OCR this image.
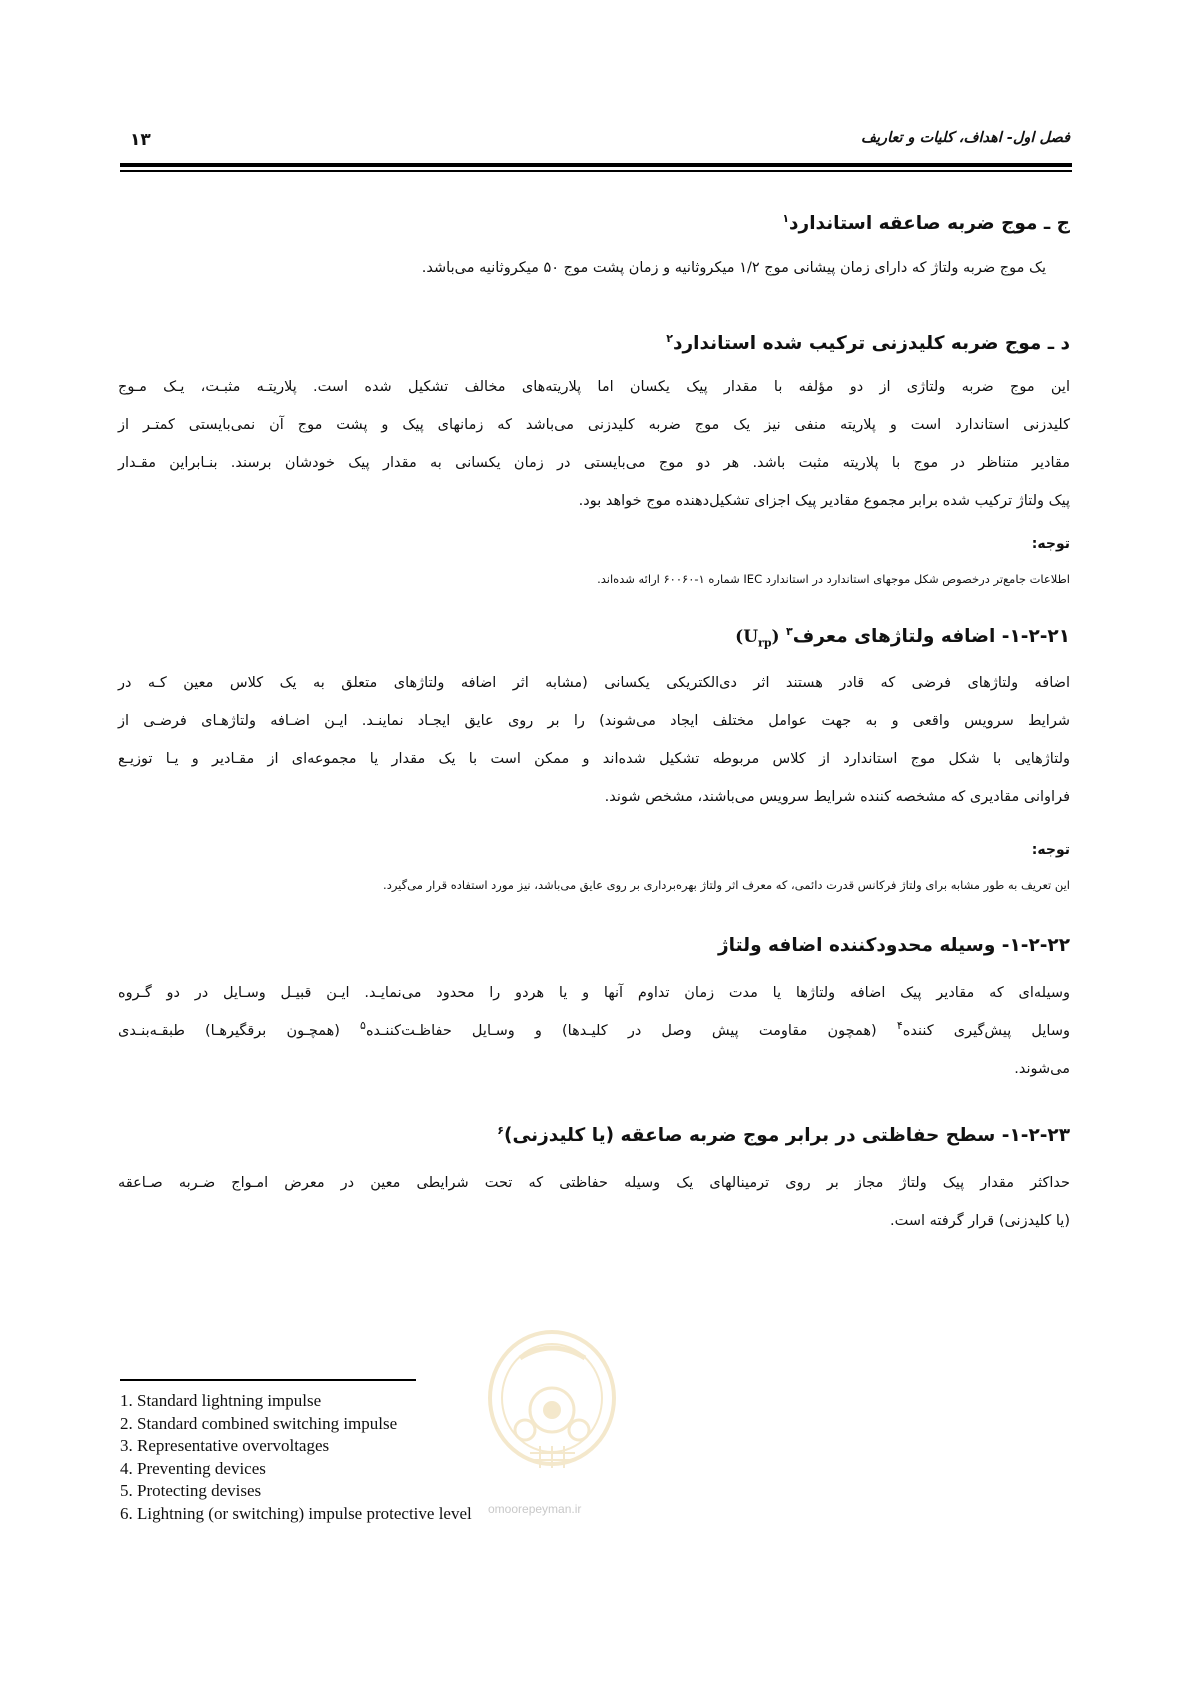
فصل اول- اهداف، کلیات و تعاریف
۱۳
ج ـ موج ضربه صاعقه استاندارد$^۱$
یک موج ضربه ولتاژ که دارای زمان پیشانی موج ۱/۲ میکروثانیه و زمان پشت موج ۵۰ میکروثانیه می‌باشد.
د ـ موج ضربه کلیدزنی ترکیب شده استاندارد$^۲$
این موج ضربه ولتاژی از دو مؤلفه با مقدار پیک یکسان اما پلاریته‌های مخالف تشکیل شده است. پلاریتـه مثبـت، یـک مـوج
کلیدزنی استاندارد است و پلاریته منفی نیز یک موج ضربه کلیدزنی می‌باشد که زمانهای پیک و پشت موج آن نمی‌بایستی کمتـر از
مقادیر متناظر در موج با پلاریته مثبت باشد. هر دو موج می‌بایستی در زمان یکسانی به مقدار پیک خودشان برسند. بنـابراین مقـدار
پیک ولتاژ ترکیب شده برابر مجموع مقادیر پیک اجزای تشکیل‌دهنده موج خواهد بود.
توجه:
اطلاعات جامع‌تر درخصوص شکل موجهای استاندارد در استاندارد IEC شماره ۱-۶۰۰۶۰ ارائه شده‌اند.
۱-۲-۲۱- اضافه ولتاژهای معرف$^۳$ $(U_{rp})$
اضافه ولتاژهای فرضی که قادر هستند اثر دی‌الکتریکی یکسانی (مشابه اثر اضافه ولتاژهای متعلق به یک کلاس معین کـه در
شرایط سرویس واقعی و به جهت عوامل مختلف ایجاد می‌شوند) را بر روی عایق ایجـاد نماینـد. ایـن اضـافه ولتاژهـای فرضـی از
ولتاژهایی با شکل موج استاندارد از کلاس مربوطه تشکیل شده‌اند و ممکن است با یک مقدار یا مجموعه‌ای از مقـادیر و یـا توزیـع
فراوانی مقادیری که مشخصه کننده شرایط سرویس می‌باشند، مشخص شوند.
توجه:
این تعریف به طور مشابه برای ولتاژ فرکانس قدرت دائمی، که معرف اثر ولتاژ بهره‌برداری بر روی عایق می‌باشد، نیز مورد استفاده قرار می‌گیرد.
۱-۲-۲۲- وسیله محدودکننده اضافه ولتاژ
وسیله‌ای که مقادیر پیک اضافه ولتاژها یا مدت زمان تداوم آنها و یا هردو را محدود می‌نمایـد. ایـن قبیـل وسـایل در دو گـروه
وسایل پیش‌گیری کننده$^۴$ (همچون مقاومت پیش وصل در کلیـدها) و وسـایل حفاظـت‌کننـده$^۵$ (همچـون برقگیرهـا) طبقـه‌بنـدی
می‌شوند.
۱-۲-۲۳- سطح حفاظتی در برابر موج ضربه صاعقه (یا کلیدزنی)$^۶$
حداکثر مقدار پیک ولتاژ مجاز بر روی ترمینالهای یک وسیله حفاظتی که تحت شرایطی معین در معرض امـواج ضـربه صـاعقه
(یا کلیدزنی) قرار گرفته است.
omoorepeyman.ir
1. Standard lightning impulse
2. Standard combined switching impulse
3. Representative overvoltages
4. Preventing devices
5. Protecting devises
6. Lightning (or switching) impulse protective level
